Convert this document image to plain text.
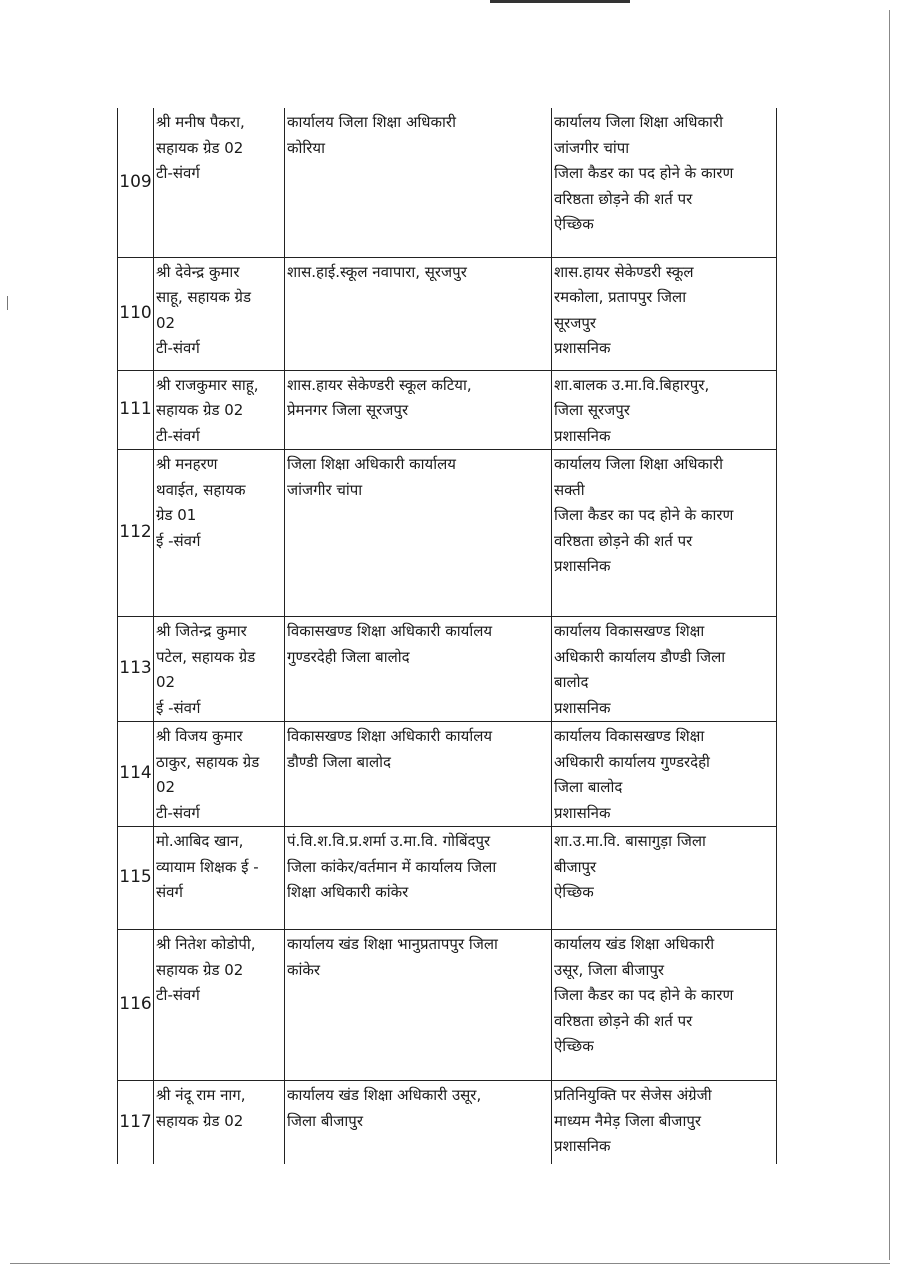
109	श्री मनीष पैकरा,
सहायक ग्रेड 02
टी-संवर्ग	कार्यालय जिला शिक्षा अधिकारी
कोरिया	कार्यालय जिला शिक्षा अधिकारी
जांजगीर चांपा
जिला कैडर का पद होने के कारण
वरिष्ठता छोड़ने की शर्त पर
ऐच्छिक

110	श्री देवेन्द्र कुमार
साहू, सहायक ग्रेड
02
टी-संवर्ग	शास.हाई.स्कूल नवापारा, सूरजपुर	शास.हायर सेकेण्डरी स्कूल
रमकोला, प्रतापपुर जिला
सूरजपुर
प्रशासनिक

111	श्री राजकुमार साहू,
सहायक ग्रेड 02
टी-संवर्ग	शास.हायर सेकेण्डरी स्कूल कटिया,
प्रेमनगर जिला सूरजपुर	शा.बालक उ.मा.वि.बिहारपुर,
जिला सूरजपुर
प्रशासनिक

112	श्री मनहरण
थवाईत, सहायक
ग्रेड 01
ई -संवर्ग	जिला शिक्षा अधिकारी कार्यालय
जांजगीर चांपा	कार्यालय जिला शिक्षा अधिकारी
सक्ती
जिला कैडर का पद होने के कारण
वरिष्ठता छोड़ने की शर्त पर
प्रशासनिक

113	श्री जितेन्द्र कुमार
पटेल, सहायक ग्रेड
02
ई -संवर्ग	विकासखण्ड शिक्षा अधिकारी कार्यालय
गुण्डरदेही जिला बालोद	कार्यालय विकासखण्ड शिक्षा
अधिकारी कार्यालय डौण्डी जिला
बालोद
प्रशासनिक

114	श्री विजय कुमार
ठाकुर, सहायक ग्रेड
02
टी-संवर्ग	विकासखण्ड शिक्षा अधिकारी कार्यालय
डौण्डी जिला बालोद	कार्यालय विकासखण्ड शिक्षा
अधिकारी कार्यालय गुण्डरदेही
जिला बालोद
प्रशासनिक

115	मो.आबिद खान,
व्यायाम शिक्षक ई -
संवर्ग	पं.वि.श.वि.प्र.शर्मा उ.मा.वि. गोबिंदपुर
जिला कांकेर/वर्तमान में कार्यालय जिला
शिक्षा अधिकारी कांकेर	शा.उ.मा.वि. बासागुड़ा जिला
बीजापुर
ऐच्छिक

116	श्री नितेश कोडोपी,
सहायक ग्रेड 02
टी-संवर्ग	कार्यालय खंड शिक्षा भानुप्रतापपुर जिला
कांकेर	कार्यालय खंड शिक्षा अधिकारी
उसूर, जिला बीजापुर
जिला कैडर का पद होने के कारण
वरिष्ठता छोड़ने की शर्त पर
ऐच्छिक

117	श्री नंदू राम नाग,
सहायक ग्रेड 02	कार्यालय खंड शिक्षा अधिकारी उसूर,
जिला बीजापुर	प्रतिनियुक्ति पर सेजेस अंग्रेजी
माध्यम नैमेड़ जिला बीजापुर
प्रशासनिक
